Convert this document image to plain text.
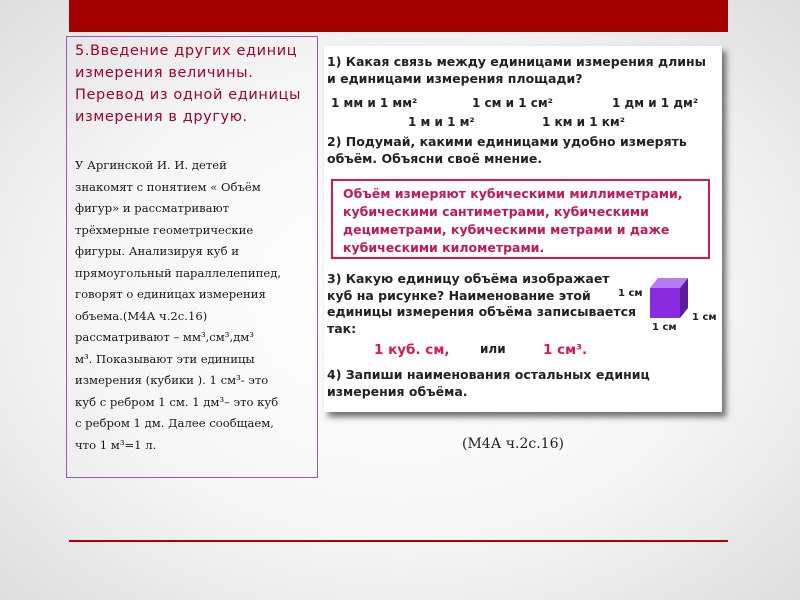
5.Введение других единиц измерения величины. Перевод из одной единицы измерения в другую.
У Аргинской И. И. детей
знакомят с понятием « Объём
фигур» и рассматривают
трёхмерные геометрические
фигуры. Анализируя куб и
прямоугольный параллелепипед,
говорят о единицах измерения
объема.(М4А ч.2с.16)
рассматривают – мм³,см³,дм³
м³. Показывают эти единицы
измерения (кубики ). 1 см³- это
куб с ребром 1 см. 1 дм³– это куб
с ребром 1 дм. Далее сообщаем,
что 1 м³=1 л.
1) Какая связь между единицами измерения длины и единицами измерения площади?
1 мм и 1 мм²	1 см и 1 см²	1 дм и 1 дм²
1 м и 1 м²	1 км и 1 км²
2) Подумай, какими единицами удобно измерять объём. Объясни своё мнение.
Объём измеряют кубическими миллиметрами, кубическими сантиметрами, кубическими дециметрами, кубическими метрами и даже кубическими километрами.
3) Какую единицу объёма изображает куб на рисунке? Наименование этой единицы измерения объёма записывается так:
1 см
1 см
1 см
1 куб. см,	или	1 см³.
4) Запиши наименования остальных единиц измерения объёма.
(М4А ч.2с.16)
